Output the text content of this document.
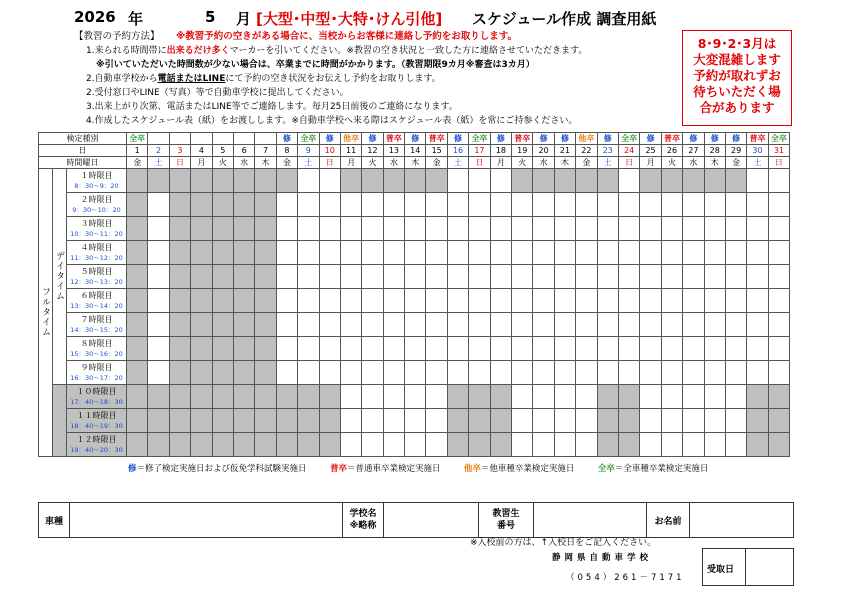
2026 年	5 月 [大型･中型･大特･けん引他] スケジュール作成 調査用紙
【教習の予約方法】 ※教習予約の空きがある場合に、当校からお客様に連絡し予約をお取りします。
1.来られる時間帯に出来るだけ多くマーカーを引いてください。※教習の空き状況と一致した方に連絡させていただきます。
※引いていただいた時間数が少ない場合は、卒業までに時間がかかります。（教習期限9カ月※審査は3カ月）
2.自動車学校から電話またはLINEにて予約の空き状況をお伝えし予約をお取りします。
2.受付窓口やLINE（写真）等で自動車学校に提出してください。
3.出来上がり次第、電話またはLINE等でご連絡します。毎月25日前後のご連絡になります。
4.作成したスケジュール表（紙）をお渡しします。※自動車学校へ来る際はスケジュール表（紙）を常にご持参ください。
8･9･2･3月は
大変混雑します
予約が取れずお
待ちいただく場
合があります
検定種別			全卒							修	全卒	修	他卒	修	普卒	修	普卒	修	全卒	修	普卒	修	修	他卒	修	全卒	修	普卒	修	修	修	普卒	全卒
日			1	2	3	4	5	6	7	8	9	10	11	12	13	14	15	16	17	18	19	20	21	22	23	24	25	26	27	28	29	30	31
時間曜日			金	土	日	月	火	水	木	金	土	日	月	火	水	木	金	土	日	月	火	水	木	金	土	日	月	火	水	木	金	土	日
フルタイム	デイタイム	１時限目
8：30～9：20																															

		２時限目
9：30～10：20																															

		３時限目
10：30～11：20																															

		４時限目
11：30～12：20																															

		５時限目
12：30～13：20																															

		６時限目
13：30～14：20																															

		７時限目
14：30～15：20																															

		８時限目
15：30～16：20																															

		９時限目
16：30～17：20																															

		１０時限目
17：40～18：30																															

		１１時限目
18：40～19：30																															

		１２時限目
19：40～20：30																															

修＝修了検定実施日および仮免学科試験実施日	普卒＝普通車卒業検定実施日	他卒＝他車種卒業検定実施日	全卒＝全車種卒業検定実施日
車種		
学校名
※略称

教習生
番号		お名前	
※入校前の方は、↑入校日をご記入ください。
静岡県自動車学校
（054）261－7171
受取日
